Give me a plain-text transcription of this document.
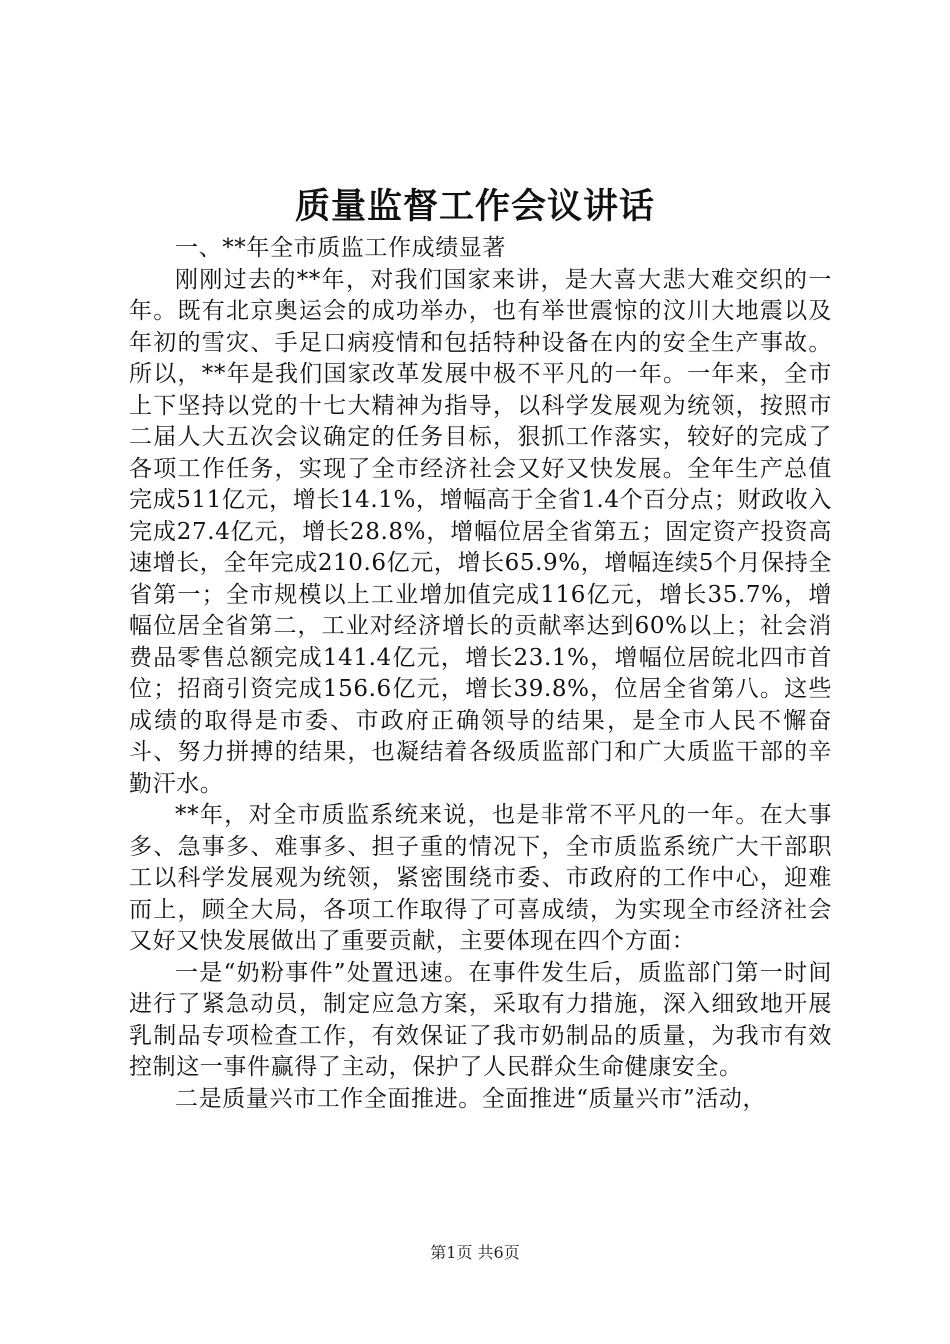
质量监督工作会议讲话

一、**年全市质监工作成绩显著

刚刚过去的**年，对我们国家来讲，是大喜大悲大难交织的一年。既有北京奥运会的成功举办，也有举世震惊的汶川大地震以及年初的雪灾、手足口病疫情和包括特种设备在内的安全生产事故。所以，**年是我们国家改革发展中极不平凡的一年。一年来，全市上下坚持以党的十七大精神为指导，以科学发展观为统领，按照市二届人大五次会议确定的任务目标，狠抓工作落实，较好的完成了各项工作任务，实现了全市经济社会又好又快发展。全年生产总值完成511亿元，增长14.1%，增幅高于全省1.4个百分点；财政收入完成27.4亿元，增长28.8%，增幅位居全省第五；固定资产投资高速增长，全年完成210.6亿元，增长65.9%，增幅连续5个月保持全省第一；全市规模以上工业增加值完成116亿元，增长35.7%，增幅位居全省第二，工业对经济增长的贡献率达到60%以上；社会消费品零售总额完成141.4亿元，增长23.1%，增幅位居皖北四市首位；招商引资完成156.6亿元，增长39.8%，位居全省第八。这些成绩的取得是市委、市政府正确领导的结果，是全市人民不懈奋斗、努力拼搏的结果，也凝结着各级质监部门和广大质监干部的辛勤汗水。

**年，对全市质监系统来说，也是非常不平凡的一年。在大事多、急事多、难事多、担子重的情况下，全市质监系统广大干部职工以科学发展观为统领，紧密围绕市委、市政府的工作中心，迎难而上，顾全大局，各项工作取得了可喜成绩，为实现全市经济社会又好又快发展做出了重要贡献，主要体现在四个方面：

一是“奶粉事件”处置迅速。在事件发生后，质监部门第一时间进行了紧急动员，制定应急方案，采取有力措施，深入细致地开展乳制品专项检查工作，有效保证了我市奶制品的质量，为我市有效控制这一事件赢得了主动，保护了人民群众生命健康安全。

二是质量兴市工作全面推进。全面推进“质量兴市”活动，

第1页 共6页
